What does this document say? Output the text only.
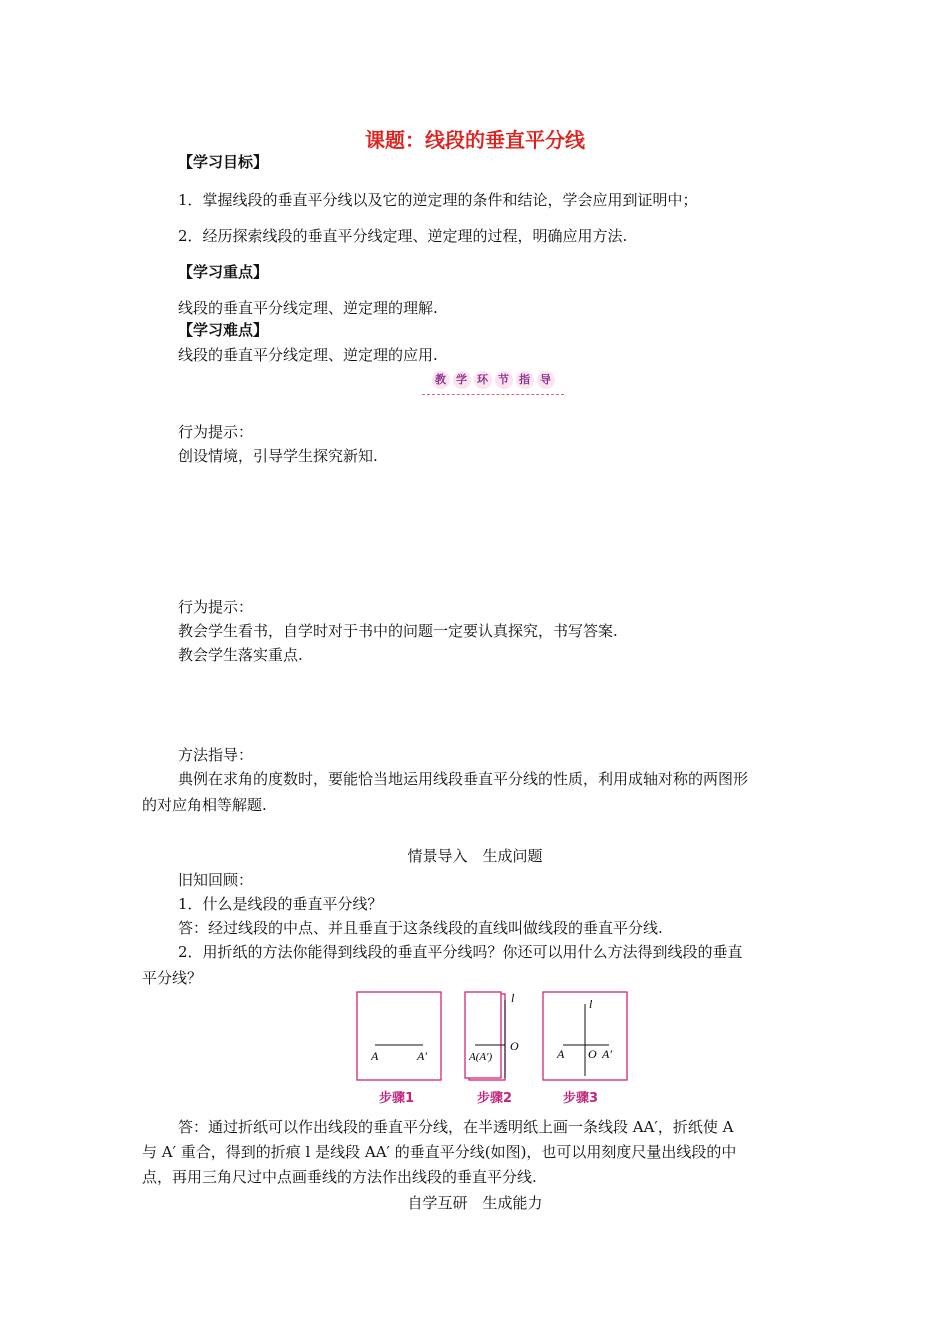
课题：线段的垂直平分线
【学习目标】
1．掌握线段的垂直平分线以及它的逆定理的条件和结论，学会应用到证明中；
2．经历探索线段的垂直平分线定理、逆定理的过程，明确应用方法.
【学习重点】
线段的垂直平分线定理、逆定理的理解.
【学习难点】
线段的垂直平分线定理、逆定理的应用.
教 学 环 节 指 导
行为提示：
创设情境，引导学生探究新知.
行为提示：
教会学生看书，自学时对于书中的问题一定要认真探究，书写答案.
教会学生落实重点.
方法指导：
典例在求角的度数时，要能恰当地运用线段垂直平分线的性质，利用成轴对称的两图形
的对应角相等解题.
情景导入　生成问题
旧知回顾：
1．什么是线段的垂直平分线？
答：经过线段的中点、并且垂直于这条线段的直线叫做线段的垂直平分线.
2．用折纸的方法你能得到线段的垂直平分线吗？你还可以用什么方法得到线段的垂直
平分线？
A	A′
步骤1
l
O
A(A′)
步骤2
l
A O A′
步骤3
答：通过折纸可以作出线段的垂直平分线，在半透明纸上画一条线段 AA′，折纸使 A
与 A′ 重合，得到的折痕 l 是线段 AA′ 的垂直平分线(如图)，也可以用刻度尺量出线段的中
点，再用三角尺过中点画垂线的方法作出线段的垂直平分线.
自学互研　生成能力
